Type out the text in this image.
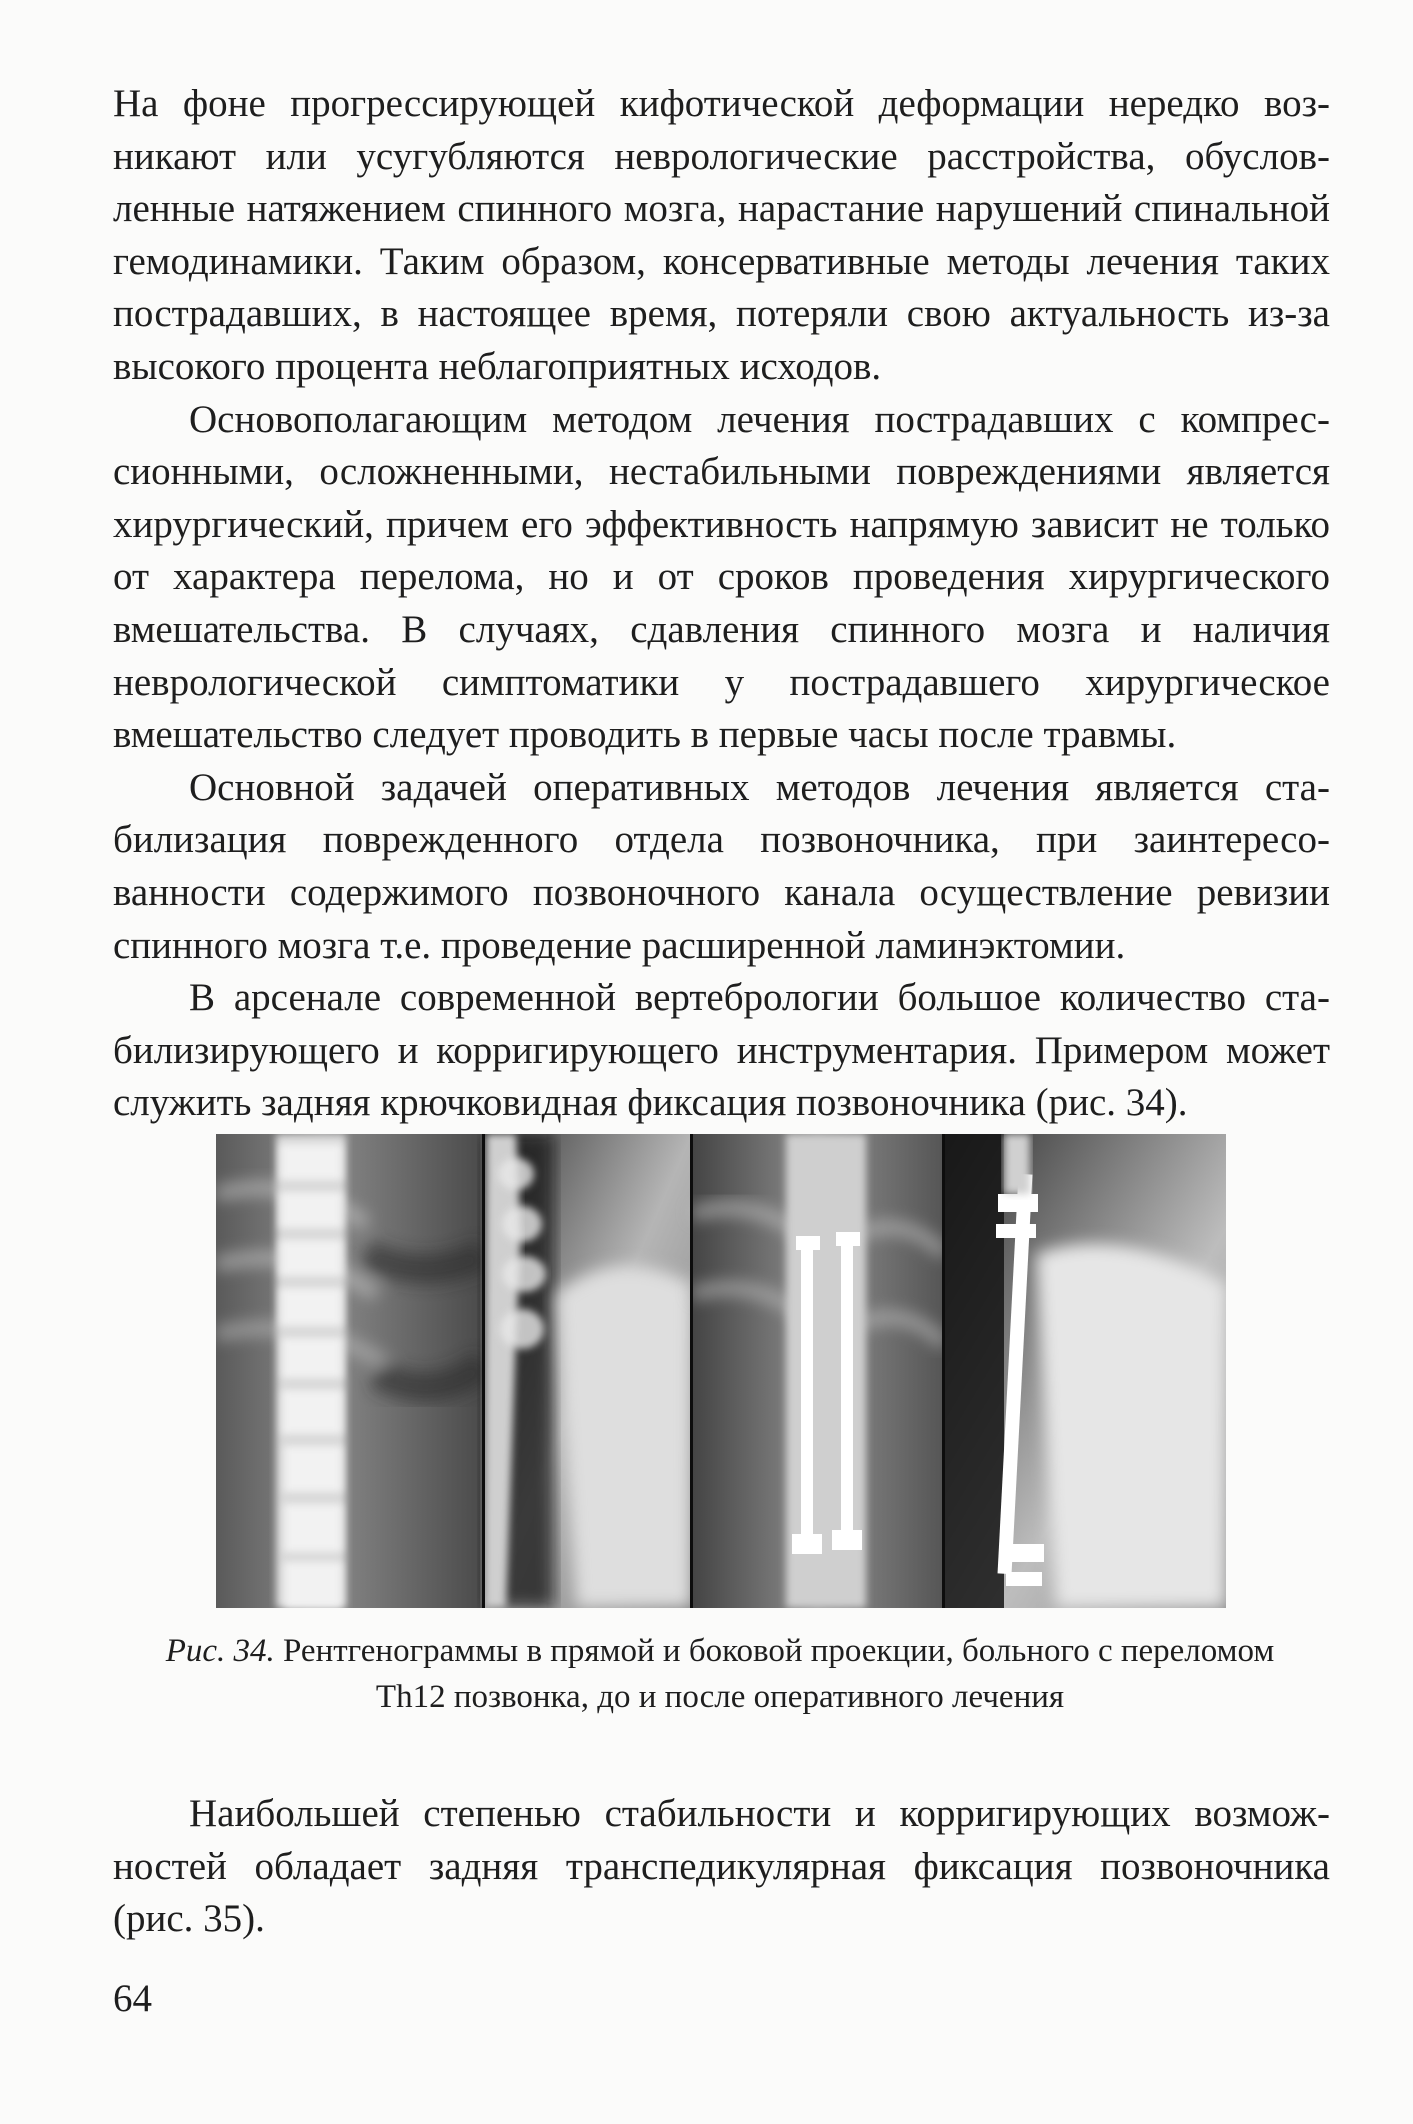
На фоне прогрессирующей кифотической деформации нередко возникают или усугубляются неврологические расстройства, обусловленные натяжением спинного мозга, нарастание нарушений спинальной гемодинамики. Таким образом, консервативные методы лечения таких пострадавших, в настоящее время, потеряли свою актуальность из-за высокого процента неблагоприятных исходов.

Основополагающим методом лечения пострадавших с компрессионными, осложненными, нестабильными повреждениями является хирургический, причем его эффективность напрямую зависит не только от характера перелома, но и от сроков проведения хирургического вмешательства. В случаях, сдавления спинного мозга и наличия неврологической симптоматики у пострадавшего хирургическое вмешательство следует проводить в первые часы после травмы.

Основной задачей оперативных методов лечения является стабилизация поврежденного отдела позвоночника, при заинтересованности содержимого позвоночного канала осуществление ревизии спинного мозга т.е. проведение расширенной ламинэктомии.

В арсенале современной вертебрологии большое количество стабилизирующего и корригирующего инструментария. Примером может служить задняя крючковидная фиксация позвоночника (рис. 34).

Рис. 34. Рентгенограммы в прямой и боковой проекции, больного с переломом Th12 позвонка, до и после оперативного лечения

Наибольшей степенью стабильности и корригирующих возможностей обладает задняя транспедикулярная фиксация позвоночника (рис. 35).

64
